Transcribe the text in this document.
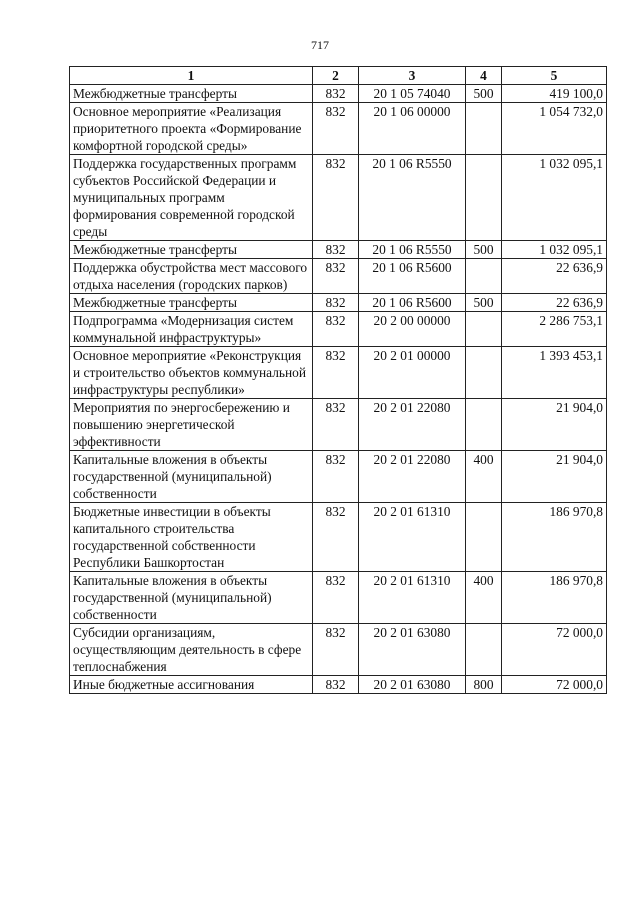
717
1	2	3	4	5
Межбюджетные трансферты	832	20 1 05 74040	500	419 100,0
Основное мероприятие «Реализация приоритетного проекта «Формирование комфортной городской среды»	832	20 1 06 00000		1 054 732,0
Поддержка государственных программ субъектов Российской Федерации и муниципальных программ формирования современной городской среды	832	20 1 06 R5550		1 032 095,1
Межбюджетные трансферты	832	20 1 06 R5550	500	1 032 095,1
Поддержка обустройства мест массового отдыха населения (городских парков)	832	20 1 06 R5600		22 636,9
Межбюджетные трансферты	832	20 1 06 R5600	500	22 636,9
Подпрограмма «Модернизация систем коммунальной инфраструктуры»	832	20 2 00 00000		2 286 753,1
Основное мероприятие «Реконструкция и строительство объектов коммунальной инфраструктуры республики»	832	20 2 01 00000		1 393 453,1
Мероприятия по энергосбережению и повышению энергетической эффективности	832	20 2 01 22080		21 904,0
Капитальные вложения в объекты государственной (муниципальной) собственности	832	20 2 01 22080	400	21 904,0
Бюджетные инвестиции в объекты капитального строительства государственной собственности Республики Башкортостан	832	20 2 01 61310		186 970,8
Капитальные вложения в объекты государственной (муниципальной) собственности	832	20 2 01 61310	400	186 970,8
Субсидии организациям, осуществляющим деятельность в сфере теплоснабжения	832	20 2 01 63080		72 000,0
Иные бюджетные ассигнования	832	20 2 01 63080	800	72 000,0
